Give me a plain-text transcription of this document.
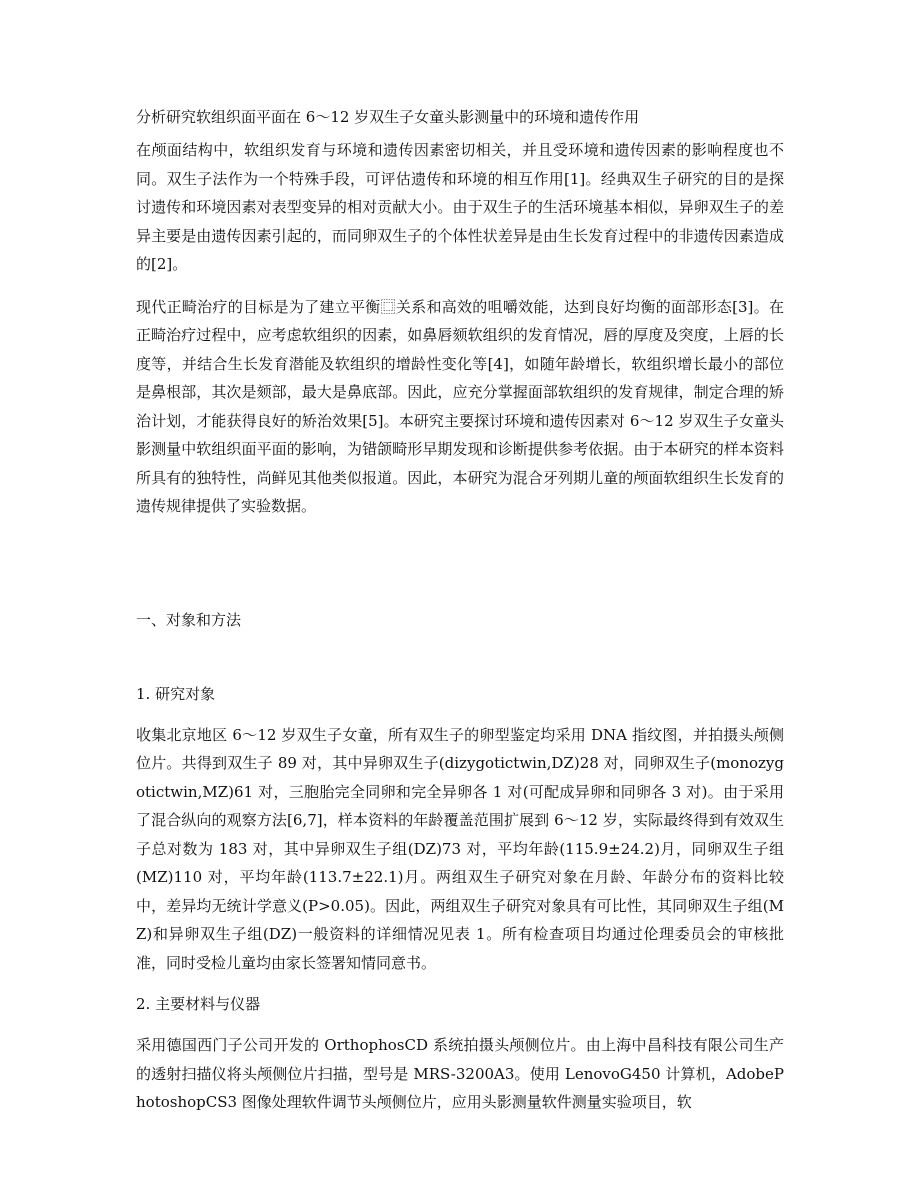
分析研究软组织面平面在 6～12 岁双生子女童头影测量中的环境和遗传作用

在颅面结构中，软组织发育与环境和遗传因素密切相关，并且受环境和遗传因素的影响程度也不同。双生子法作为一个特殊手段，可评估遗传和环境的相互作用[1]。经典双生子研究的目的是探讨遗传和环境因素对表型变异的相对贡献大小。由于双生子的生活环境基本相似，异卵双生子的差异主要是由遗传因素引起的，而同卵双生子的个体性状差异是由生长发育过程中的非遗传因素造成的[2]。

现代正畸治疗的目标是为了建立平衡⿴关系和高效的咀嚼效能，达到良好均衡的面部形态[3]。在正畸治疗过程中，应考虑软组织的因素，如鼻唇颏软组织的发育情况，唇的厚度及突度，上唇的长度等，并结合生长发育潜能及软组织的增龄性变化等[4]，如随年龄增长，软组织增长最小的部位是鼻根部，其次是颏部，最大是鼻底部。因此，应充分掌握面部软组织的发育规律，制定合理的矫治计划，才能获得良好的矫治效果[5]。本研究主要探讨环境和遗传因素对 6～12 岁双生子女童头影测量中软组织面平面的影响，为错颌畸形早期发现和诊断提供参考依据。由于本研究的样本资料所具有的独特性，尚鲜见其他类似报道。因此，本研究为混合牙列期儿童的颅面软组织生长发育的遗传规律提供了实验数据。

一、对象和方法
1. 研究对象

收集北京地区 6～12 岁双生子女童，所有双生子的卵型鉴定均采用 DNA 指纹图，并拍摄头颅侧位片。共得到双生子 89 对，其中异卵双生子(dizygotictwin,DZ)28 对，同卵双生子(monozygotictwin,MZ)61 对，三胞胎完全同卵和完全异卵各 1 对(可配成异卵和同卵各 3 对)。由于采用了混合纵向的观察方法[6,7]，样本资料的年龄覆盖范围扩展到 6～12 岁，实际最终得到有效双生子总对数为 183 对，其中异卵双生子组(DZ)73 对，平均年龄(115.9±24.2)月，同卵双生子组(MZ)110 对，平均年龄(113.7±22.1)月。两组双生子研究对象在月龄、年龄分布的资料比较中，差异均无统计学意义(P>0.05)。因此，两组双生子研究对象具有可比性，其同卵双生子组(MZ)和异卵双生子组(DZ)一般资料的详细情况见表 1。所有检查项目均通过伦理委员会的审核批准，同时受检儿童均由家长签署知情同意书。

2. 主要材料与仪器

采用德国西门子公司开发的 OrthophosCD 系统拍摄头颅侧位片。由上海中昌科技有限公司生产的透射扫描仪将头颅侧位片扫描，型号是 MRS-3200A3。使用 LenovoG450 计算机，AdobePhotoshopCS3 图像处理软件调节头颅侧位片，应用头影测量软件测量实验项目，软
